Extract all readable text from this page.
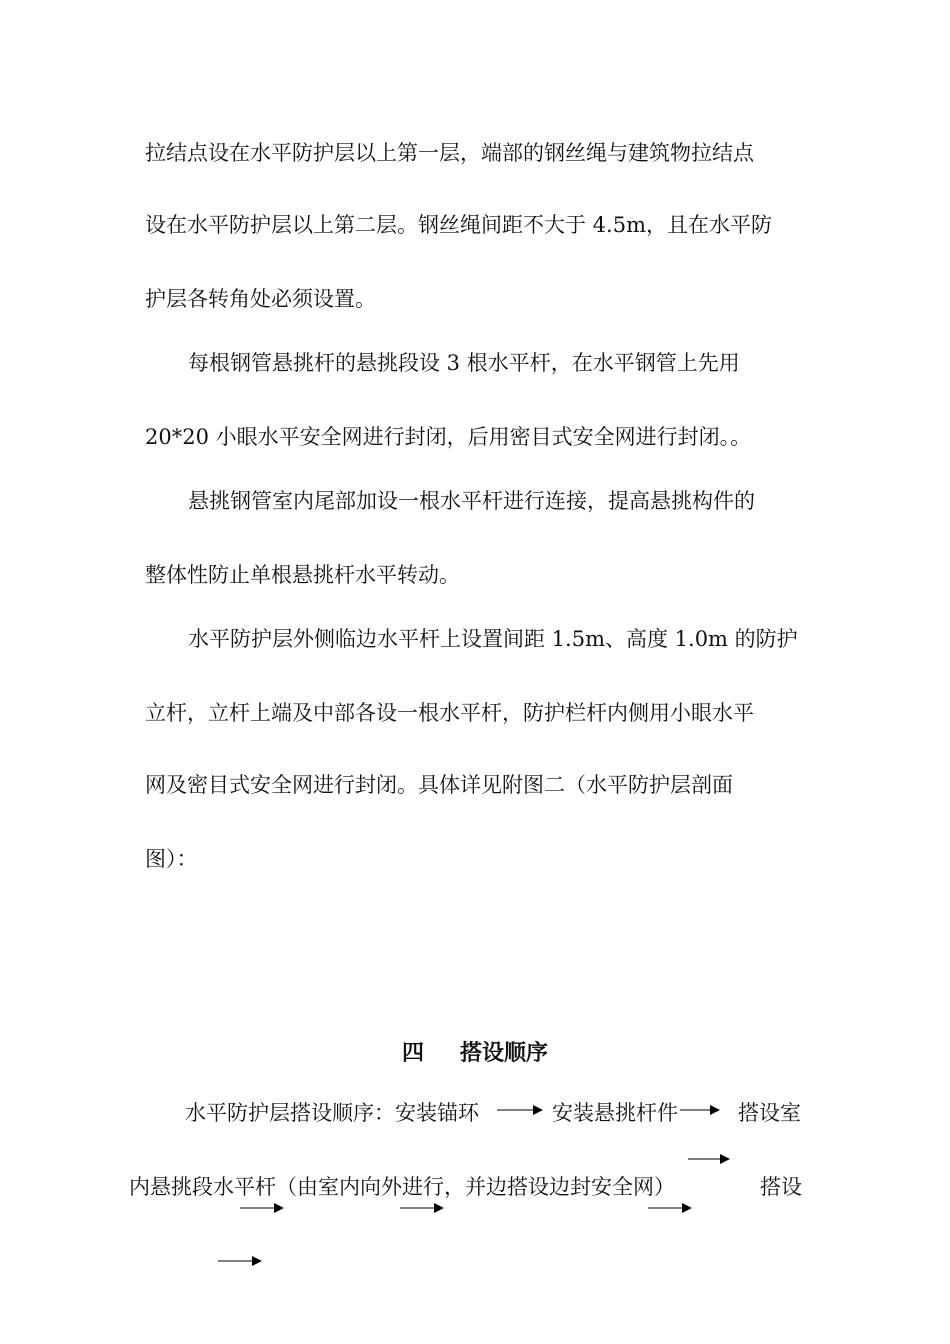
拉结点设在水平防护层以上第一层，端部的钢丝绳与建筑物拉结点
设在水平防护层以上第二层。钢丝绳间距不大于 4.5m，且在水平防
护层各转角处必须设置。
每根钢管悬挑杆的悬挑段设 3 根水平杆，在水平钢管上先用
20*20 小眼水平安全网进行封闭，后用密目式安全网进行封闭。。
悬挑钢管室内尾部加设一根水平杆进行连接，提高悬挑构件的
整体性防止单根悬挑杆水平转动。
水平防护层外侧临边水平杆上设置间距 1.5m、高度 1.0m 的防护
立杆，立杆上端及中部各设一根水平杆，防护栏杆内侧用小眼水平
网及密目式安全网进行封闭。具体详见附图二（水平防护层剖面
图）：
四 搭设顺序
水平防护层搭设顺序：安装锚环	安装悬挑杆件	搭设室
内悬挑段水平杆（由室内向外进行，并边搭设边封安全网）	搭设
